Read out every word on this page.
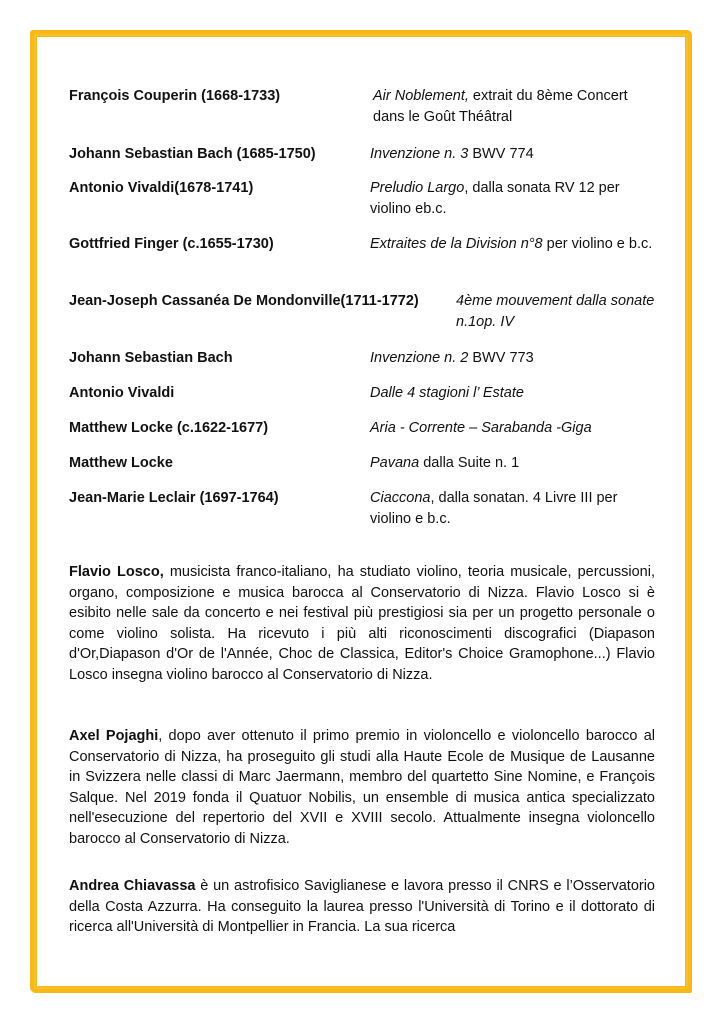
François Couperin (1668-1733)	Air Noblement, extrait du 8ème Concert dans le Goût Théâtral
Johann Sebastian Bach (1685-1750)	Invenzione n. 3 BWV 774
Antonio Vivaldi(1678-1741)	Preludio Largo, dalla sonata RV 12 per violino eb.c.
Gottfried Finger (c.1655-1730)	Extraites de la Division n°8 per violino e b.c.
Jean-Joseph Cassanéa De Mondonville(1711-1772)	4ème mouvement dalla sonate n.1op. IV
Johann Sebastian Bach	Invenzione n. 2 BWV 773
Antonio Vivaldi	Dalle 4 stagioni l’ Estate
Matthew Locke (c.1622-1677)	Aria - Corrente – Sarabanda -Giga
Matthew Locke	Pavana dalla Suite n. 1
Jean-Marie Leclair (1697-1764)	Ciaccona, dalla sonatan. 4 Livre III per violino e b.c.

Flavio Losco, musicista franco-italiano, ha studiato violino, teoria musicale, percussioni, organo, composizione e musica barocca al Conservatorio di Nizza. Flavio Losco si è esibito nelle sale da concerto e nei festival più prestigiosi sia per un progetto personale o come violino solista. Ha ricevuto i più alti riconoscimenti discografici (Diapason d'Or,Diapason d'Or de l'Année, Choc de Classica, Editor's Choice Gramophone...) Flavio Losco insegna violino barocco al Conservatorio di Nizza.

Axel Pojaghi, dopo aver ottenuto il primo premio in violoncello e violoncello barocco al Conservatorio di Nizza, ha proseguito gli studi alla Haute Ecole de Musique de Lausanne in Svizzera nelle classi di Marc Jaermann, membro del quartetto Sine Nomine, e François Salque. Nel 2019 fonda il Quatuor Nobilis, un ensemble di musica antica specializzato nell'esecuzione del repertorio del XVII e XVIII secolo. Attualmente insegna violoncello barocco al Conservatorio di Nizza.

Andrea Chiavassa è un astrofisico Saviglianese e lavora presso il CNRS e l’Osservatorio della Costa Azzurra. Ha conseguito la laurea presso l'Università di Torino e il dottorato di ricerca all'Università di Montpellier in Francia. La sua ricerca
